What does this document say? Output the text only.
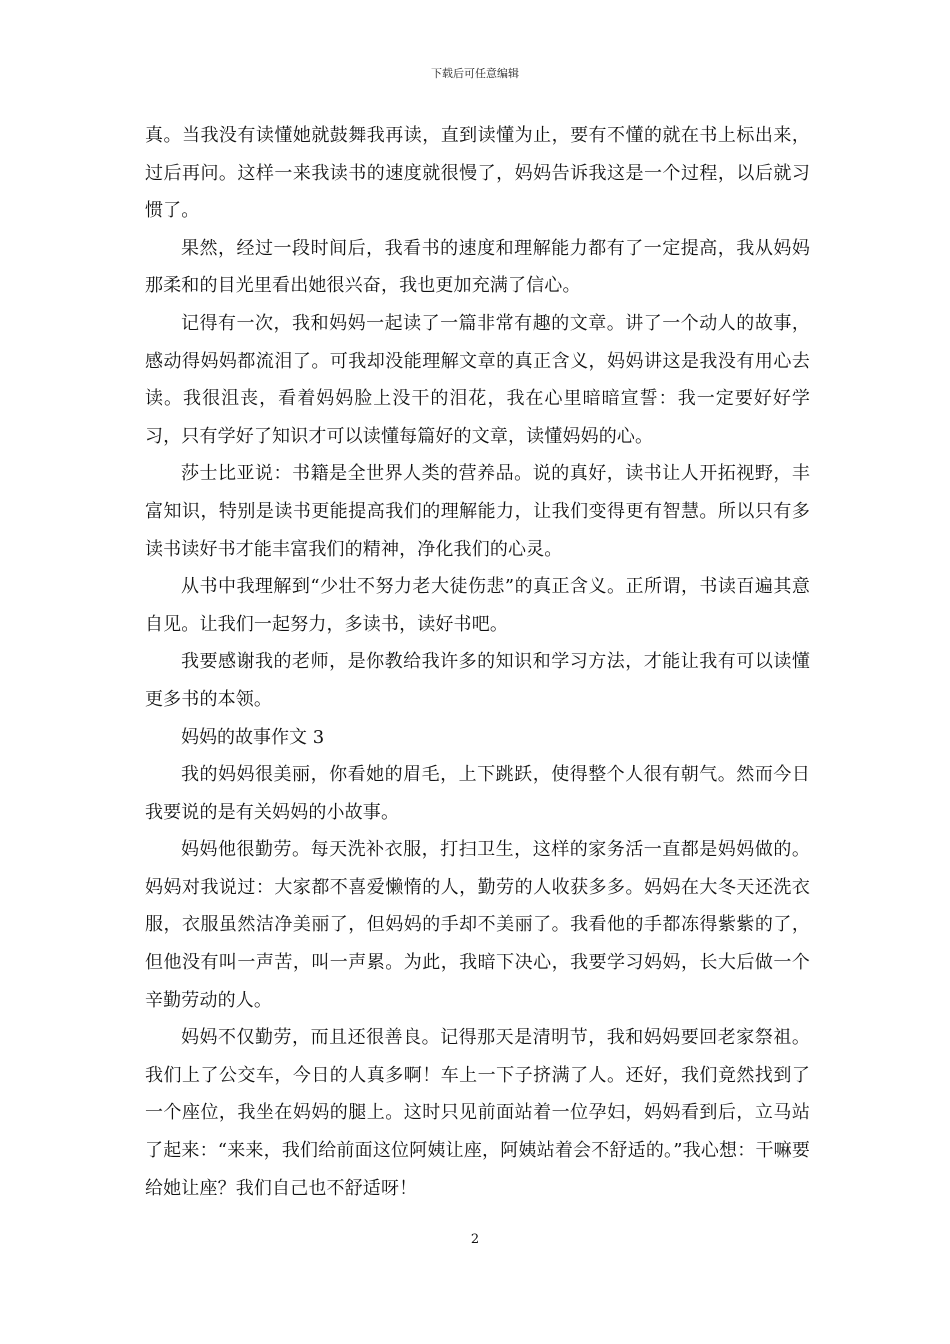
下载后可任意编辑

真。当我没有读懂她就鼓舞我再读，直到读懂为止，要有不懂的就在书上标出来，过后再问。这样一来我读书的速度就很慢了，妈妈告诉我这是一个过程，以后就习惯了。

果然，经过一段时间后，我看书的速度和理解能力都有了一定提高，我从妈妈那柔和的目光里看出她很兴奋，我也更加充满了信心。

记得有一次，我和妈妈一起读了一篇非常有趣的文章。讲了一个动人的故事，感动得妈妈都流泪了。可我却没能理解文章的真正含义，妈妈讲这是我没有用心去读。我很沮丧，看着妈妈脸上没干的泪花，我在心里暗暗宣誓：我一定要好好学习，只有学好了知识才可以读懂每篇好的文章，读懂妈妈的心。

莎士比亚说：书籍是全世界人类的营养品。说的真好，读书让人开拓视野，丰富知识，特别是读书更能提高我们的理解能力，让我们变得更有智慧。所以只有多读书读好书才能丰富我们的精神，净化我们的心灵。

从书中我理解到“少壮不努力老大徒伤悲”的真正含义。正所谓，书读百遍其意自见。让我们一起努力，多读书，读好书吧。

我要感谢我的老师，是你教给我许多的知识和学习方法，才能让我有可以读懂更多书的本领。

妈妈的故事作文 3

我的妈妈很美丽，你看她的眉毛，上下跳跃，使得整个人很有朝气。然而今日我要说的是有关妈妈的小故事。

妈妈他很勤劳。每天洗补衣服，打扫卫生，这样的家务活一直都是妈妈做的。妈妈对我说过：大家都不喜爱懒惰的人，勤劳的人收获多多。妈妈在大冬天还洗衣服，衣服虽然洁净美丽了，但妈妈的手却不美丽了。我看他的手都冻得紫紫的了，但他没有叫一声苦，叫一声累。为此，我暗下决心，我要学习妈妈，长大后做一个辛勤劳动的人。

妈妈不仅勤劳，而且还很善良。记得那天是清明节，我和妈妈要回老家祭祖。我们上了公交车，今日的人真多啊！车上一下子挤满了人。还好，我们竟然找到了一个座位，我坐在妈妈的腿上。这时只见前面站着一位孕妇，妈妈看到后，立马站了起来：“来来，我们给前面这位阿姨让座，阿姨站着会不舒适的。”我心想：干嘛要给她让座？我们自己也不舒适呀！

2
